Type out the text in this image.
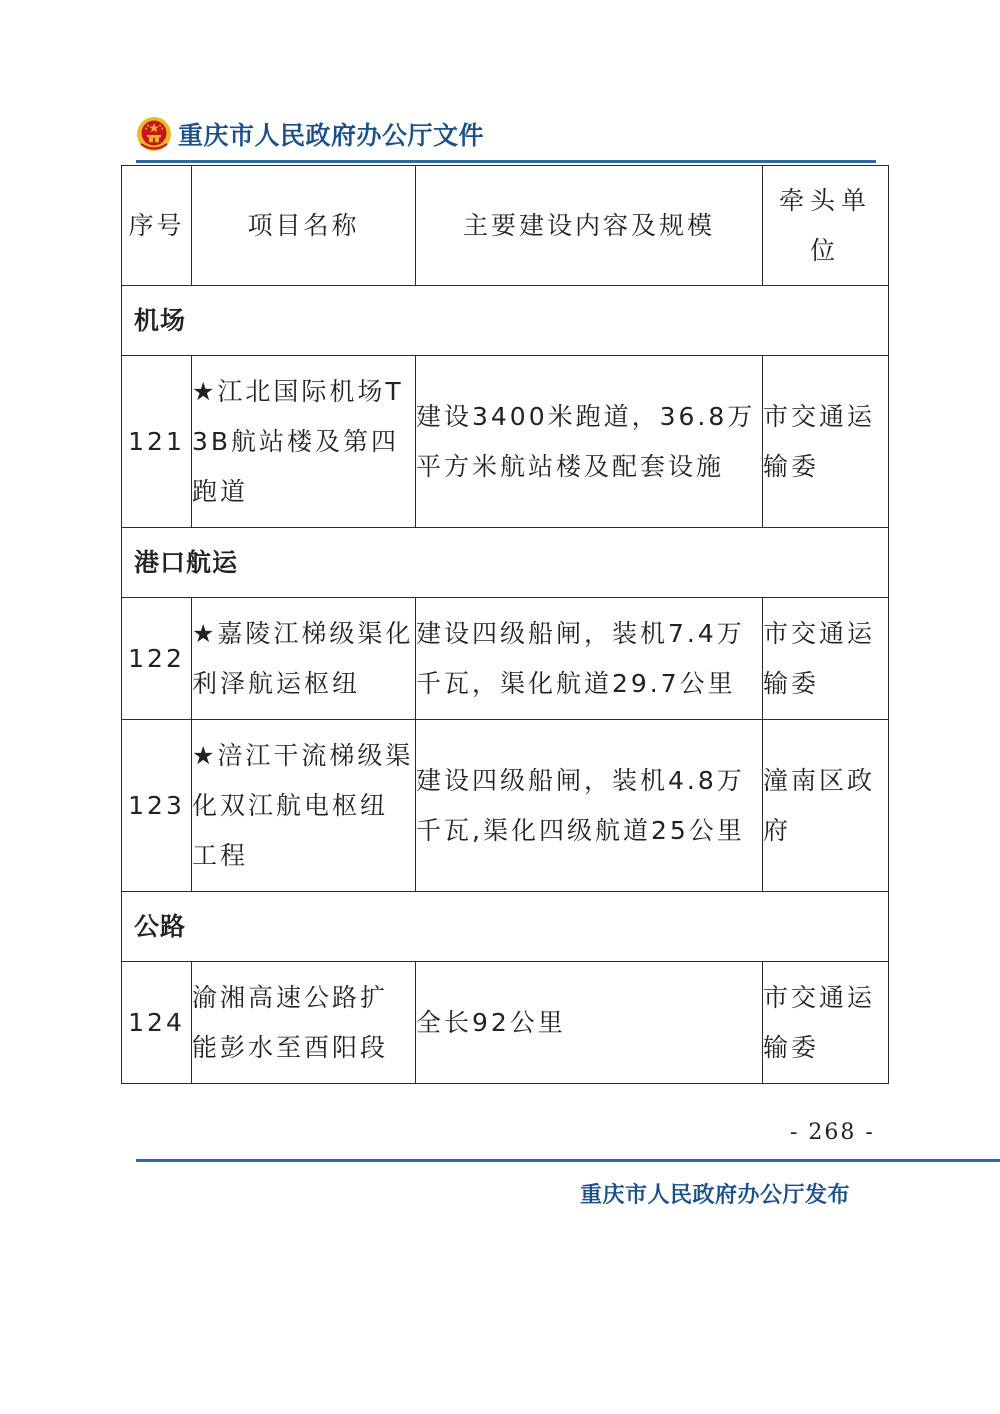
重庆市人民政府办公厅文件
序号	项目名称	主要建设内容及规模	牵头单位
机场			
121	★江北国际机场T3B航站楼及第四跑道	建设3400米跑道，36.8万平方米航站楼及配套设施	市交通运输委
港口航运			
122	★嘉陵江梯级渠化利泽航运枢纽	建设四级船闸，装机7.4万千瓦，渠化航道29.7公里	市交通运输委
123	★涪江干流梯级渠化双江航电枢纽工程	建设四级船闸，装机4.8万千瓦,渠化四级航道25公里	潼南区政府
公路			
124	渝湘高速公路扩能彭水至酉阳段	全长92公里	市交通运输委
- 268 -
重庆市人民政府办公厅发布
